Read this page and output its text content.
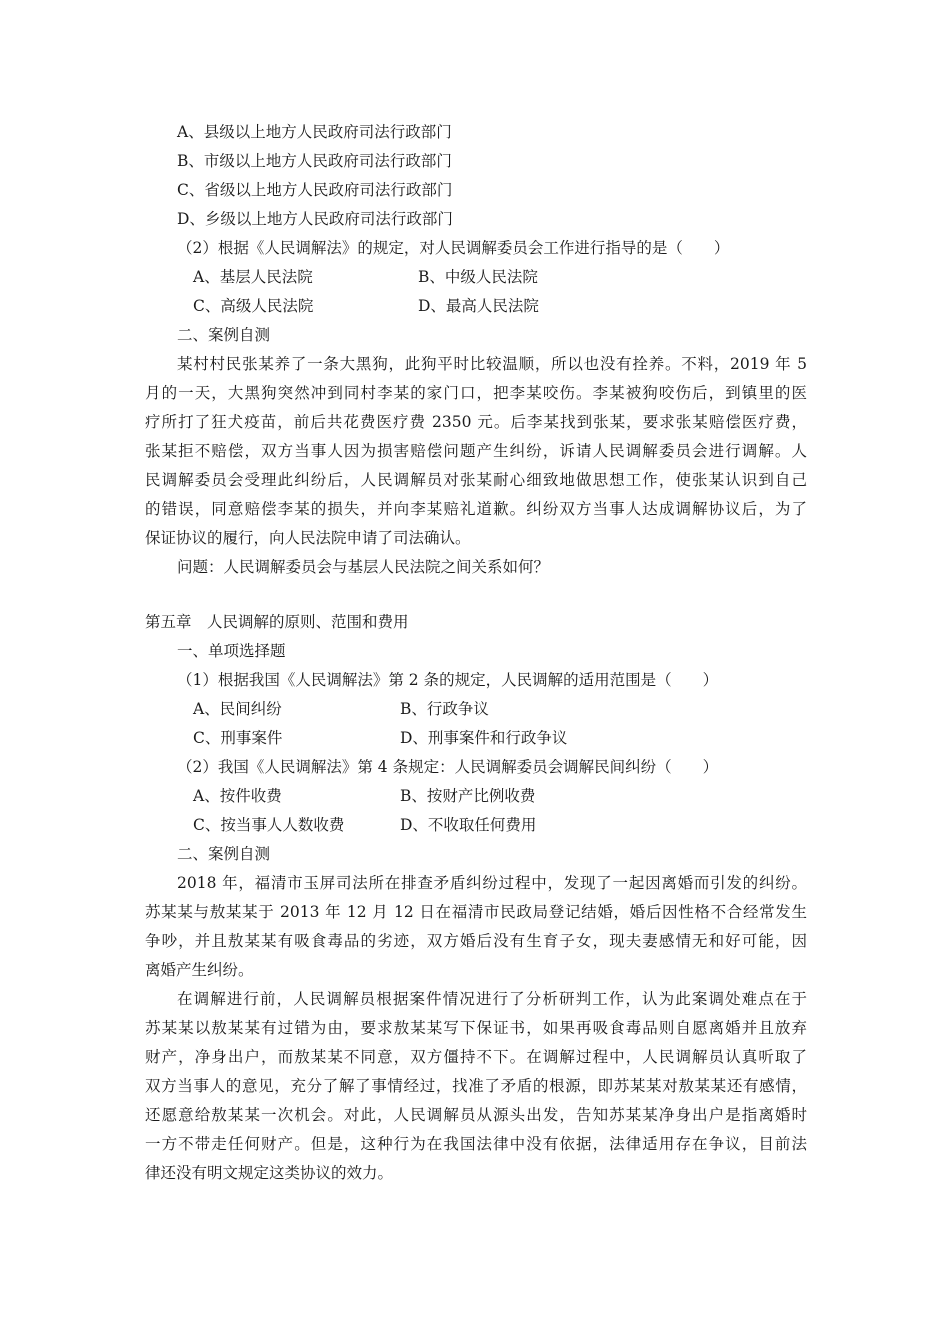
A、县级以上地方人民政府司法行政部门
B、市级以上地方人民政府司法行政部门
C、省级以上地方人民政府司法行政部门
D、乡级以上地方人民政府司法行政部门
（2）根据《人民调解法》的规定，对人民调解委员会工作进行指导的是（　　）
A、基层人民法院	B、中级人民法院
C、高级人民法院	D、最高人民法院
二、案例自测
某村村民张某养了一条大黑狗，此狗平时比较温顺，所以也没有拴养。不料，2019 年 5
月的一天，大黑狗突然冲到同村李某的家门口，把李某咬伤。李某被狗咬伤后，到镇里的医
疗所打了狂犬疫苗，前后共花费医疗费 2350 元。后李某找到张某，要求张某赔偿医疗费，
张某拒不赔偿，双方当事人因为损害赔偿问题产生纠纷，诉请人民调解委员会进行调解。人
民调解委员会受理此纠纷后，人民调解员对张某耐心细致地做思想工作，使张某认识到自己
的错误，同意赔偿李某的损失，并向李某赔礼道歉。纠纷双方当事人达成调解协议后，为了
保证协议的履行，向人民法院申请了司法确认。
问题：人民调解委员会与基层人民法院之间关系如何？
第五章　人民调解的原则、范围和费用
一、单项选择题
（1）根据我国《人民调解法》第 2 条的规定，人民调解的适用范围是（　　）
A、民间纠纷	B、行政争议
C、刑事案件	D、刑事案件和行政争议
（2）我国《人民调解法》第 4 条规定：人民调解委员会调解民间纠纷（　　）
A、按件收费	B、按财产比例收费
C、按当事人人数收费	D、不收取任何费用
二、案例自测
2018 年，福清市玉屏司法所在排查矛盾纠纷过程中，发现了一起因离婚而引发的纠纷。
苏某某与敖某某于 2013 年 12 月 12 日在福清市民政局登记结婚，婚后因性格不合经常发生
争吵，并且敖某某有吸食毒品的劣迹，双方婚后没有生育子女，现夫妻感情无和好可能，因
离婚产生纠纷。
在调解进行前，人民调解员根据案件情况进行了分析研判工作，认为此案调处难点在于
苏某某以敖某某有过错为由，要求敖某某写下保证书，如果再吸食毒品则自愿离婚并且放弃
财产，净身出户，而敖某某不同意，双方僵持不下。在调解过程中，人民调解员认真听取了
双方当事人的意见，充分了解了事情经过，找准了矛盾的根源，即苏某某对敖某某还有感情，
还愿意给敖某某一次机会。对此，人民调解员从源头出发，告知苏某某净身出户是指离婚时
一方不带走任何财产。但是，这种行为在我国法律中没有依据，法律适用存在争议，目前法
律还没有明文规定这类协议的效力。
